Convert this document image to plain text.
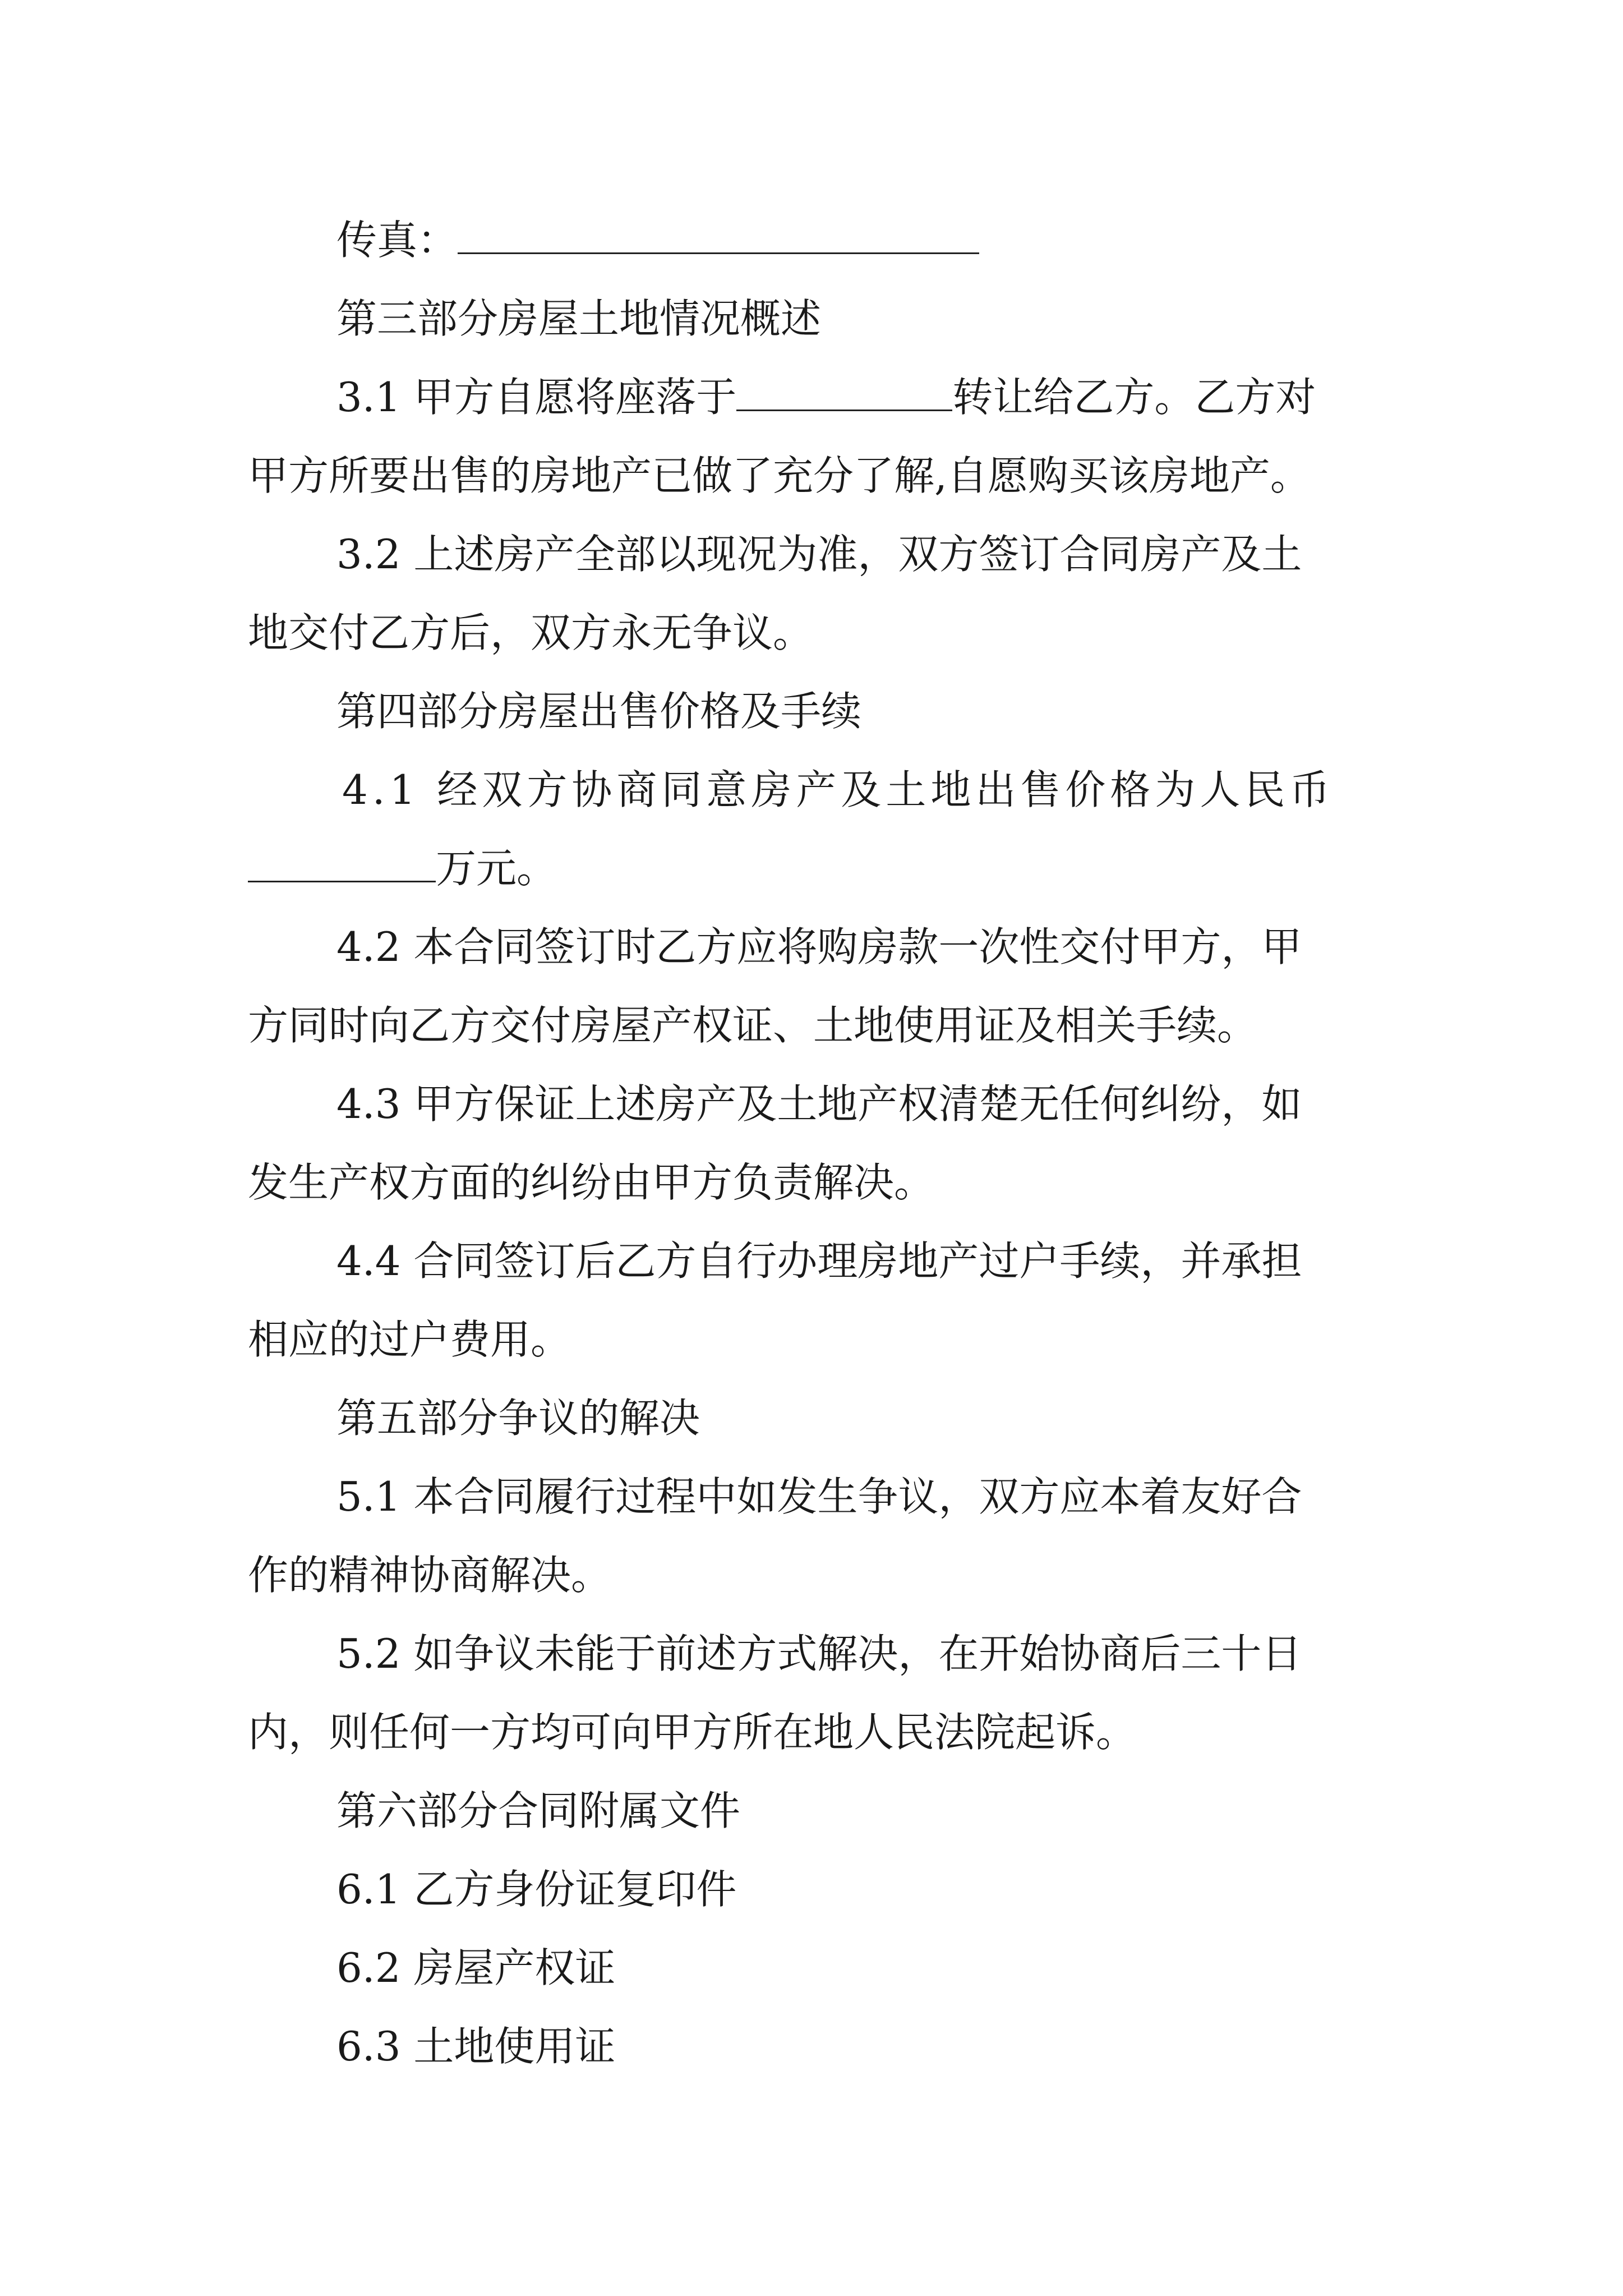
传真：
第三部分房屋土地情况概述
3.1 甲方自愿将座落于	转让给乙方。乙方对
甲方所要出售的房地产已做了充分了解,自愿购买该房地产。
3.2 上述房产全部以现况为准，双方签订合同房产及土
地交付乙方后，双方永无争议。
第四部分房屋出售价格及手续
4.1 经双方协商同意房产及土地出售价格为人民币
万元。
4.2 本合同签订时乙方应将购房款一次性交付甲方，甲
方同时向乙方交付房屋产权证、土地使用证及相关手续。
4.3 甲方保证上述房产及土地产权清楚无任何纠纷，如
发生产权方面的纠纷由甲方负责解决。
4.4 合同签订后乙方自行办理房地产过户手续，并承担
相应的过户费用。
第五部分争议的解决
5.1 本合同履行过程中如发生争议，双方应本着友好合
作的精神协商解决。
5.2 如争议未能于前述方式解决，在开始协商后三十日
内，则任何一方均可向甲方所在地人民法院起诉。
第六部分合同附属文件
6.1 乙方身份证复印件
6.2 房屋产权证
6.3 土地使用证
